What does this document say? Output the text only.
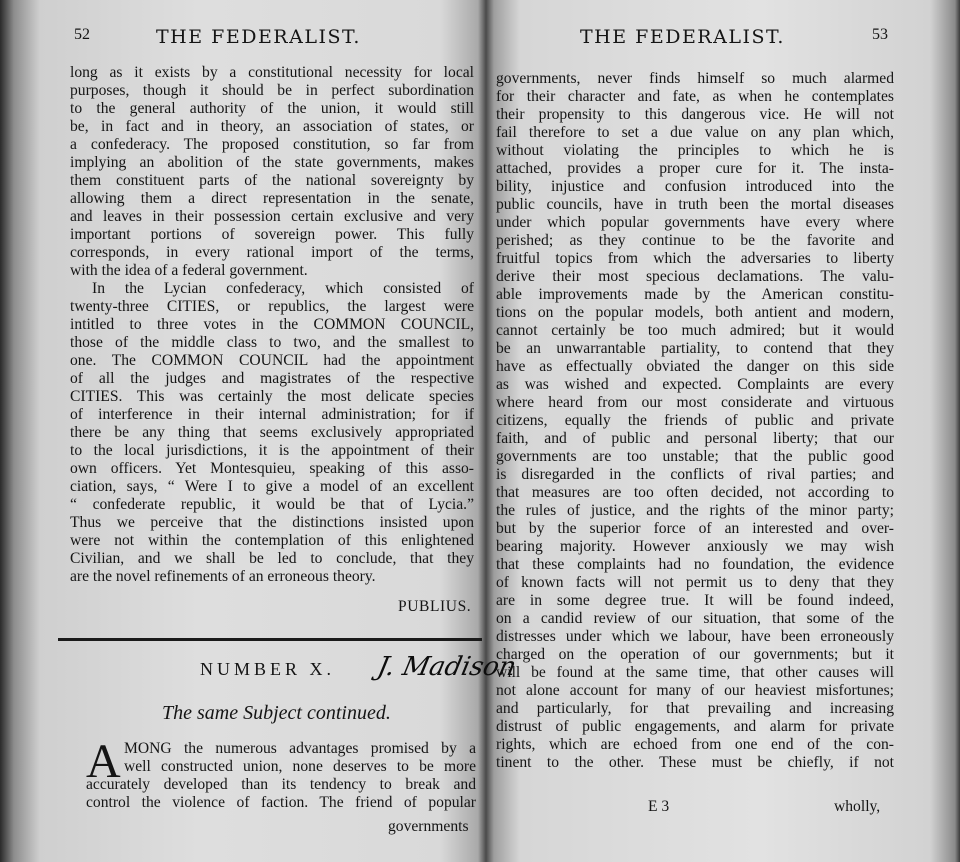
52	THE FEDERALIST.
long as it exists by a constitutional necessity for local
purposes, though it should be in perfect subordination
to the general authority of the union, it would still
be, in fact and in theory, an association of states, or
a confederacy. The proposed constitution, so far from
implying an abolition of the state governments, makes
them constituent parts of the national sovereignty by
allowing them a direct representation in the senate,
and leaves in their possession certain exclusive and very
important portions of sovereign power. This fully
corresponds, in every rational import of the terms,
with the idea of a federal government.
In the Lycian confederacy, which consisted of
twenty-three CITIES, or republics, the largest were
intitled to three votes in the COMMON COUNCIL,
those of the middle class to two, and the smallest to
one. The COMMON COUNCIL had the appointment
of all the judges and magistrates of the respective
CITIES. This was certainly the most delicate species
of interference in their internal administration; for if
there be any thing that seems exclusively appropriated
to the local jurisdictions, it is the appointment of their
own officers. Yet Montesquieu, speaking of this asso-
ciation, says, “ Were I to give a model of an excellent
“ confederate republic, it would be that of Lycia.”
Thus we perceive that the distinctions insisted upon
were not within the contemplation of this enlightened
Civilian, and we shall be led to conclude, that they
are the novel refinements of an erroneous theory.
PUBLIUS.
NUMBER X. J. Madison
The same Subject continued.
A MONG the numerous advantages promised by a
well constructed union, none deserves to be more
accurately developed than its tendency to break and
control the violence of faction. The friend of popular
governments
THE FEDERALIST.	53
governments, never finds himself so much alarmed
for their character and fate, as when he contemplates
their propensity to this dangerous vice. He will not
fail therefore to set a due value on any plan which,
without violating the principles to which he is
attached, provides a proper cure for it. The insta-
bility, injustice and confusion introduced into the
public councils, have in truth been the mortal diseases
under which popular governments have every where
perished; as they continue to be the favorite and
fruitful topics from which the adversaries to liberty
derive their most specious declamations. The valu-
able improvements made by the American constitu-
tions on the popular models, both antient and modern,
cannot certainly be too much admired; but it would
be an unwarrantable partiality, to contend that they
have as effectually obviated the danger on this side
as was wished and expected. Complaints are every
where heard from our most considerate and virtuous
citizens, equally the friends of public and private
faith, and of public and personal liberty; that our
governments are too unstable; that the public good
is disregarded in the conflicts of rival parties; and
that measures are too often decided, not according to
the rules of justice, and the rights of the minor party;
but by the superior force of an interested and over-
bearing majority. However anxiously we may wish
that these complaints had no foundation, the evidence
of known facts will not permit us to deny that they
are in some degree true. It will be found indeed,
on a candid review of our situation, that some of the
distresses under which we labour, have been erroneously
charged on the operation of our governments; but it
will be found at the same time, that other causes will
not alone account for many of our heaviest misfortunes;
and particularly, for that prevailing and increasing
distrust of public engagements, and alarm for private
rights, which are echoed from one end of the con-
tinent to the other. These must be chiefly, if not
E 3	wholly,
